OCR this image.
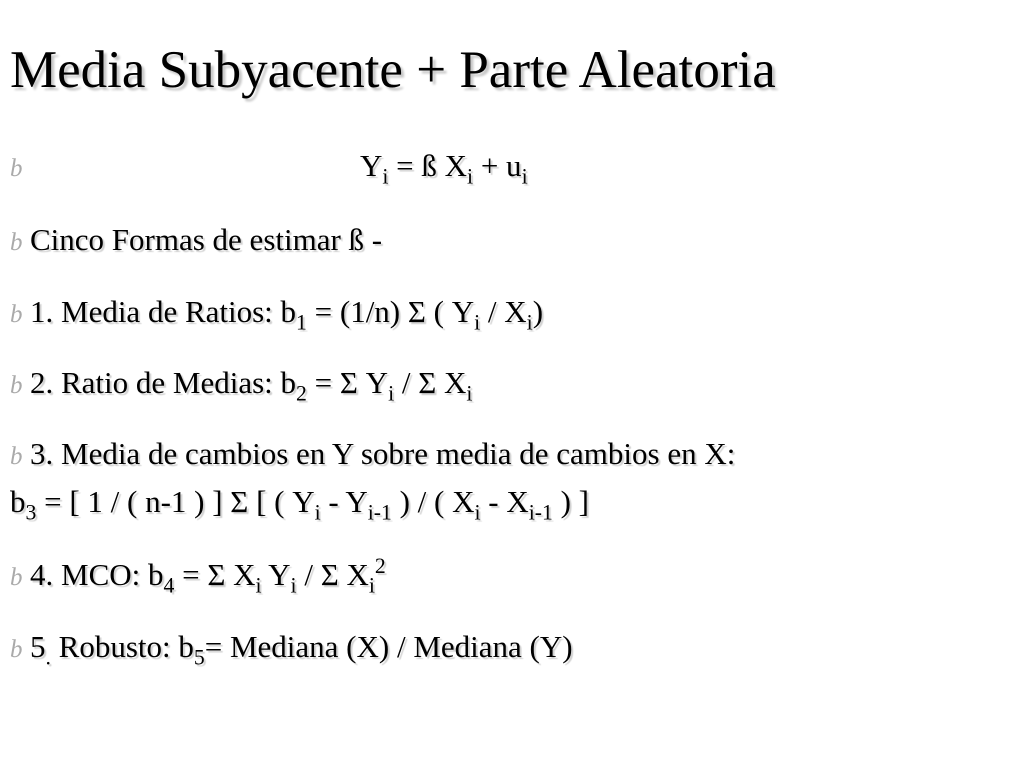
Media Subyacente + Parte Aleatoria
b	$Y_i$ = ß $X_i + u_i$
b Cinco Formas de estimar ß -
b 1. Media de Ratios: $b_1 = (1/n)$ Σ ( $Y_i / X_i$)
b 2. Ratio de Medias: $b_2 = \Sigma$ $Y_i$ / Σ $X_i$
b 3. Media de cambios en Y sobre media de cambios en X:
$b_3$ = [ 1 / ( n-1 ) ] Σ [ ( $Y_i - Y_{i-1}$ ) / ( $X_i - X_{i-1}$ ) ]
b 4. MCO: $b_4 = \Sigma$ $X_i$ $Y_i$ / Σ $X_i^2$
b $5_.$ Robusto: $b_5=$ Mediana (X) / Mediana (Y)
